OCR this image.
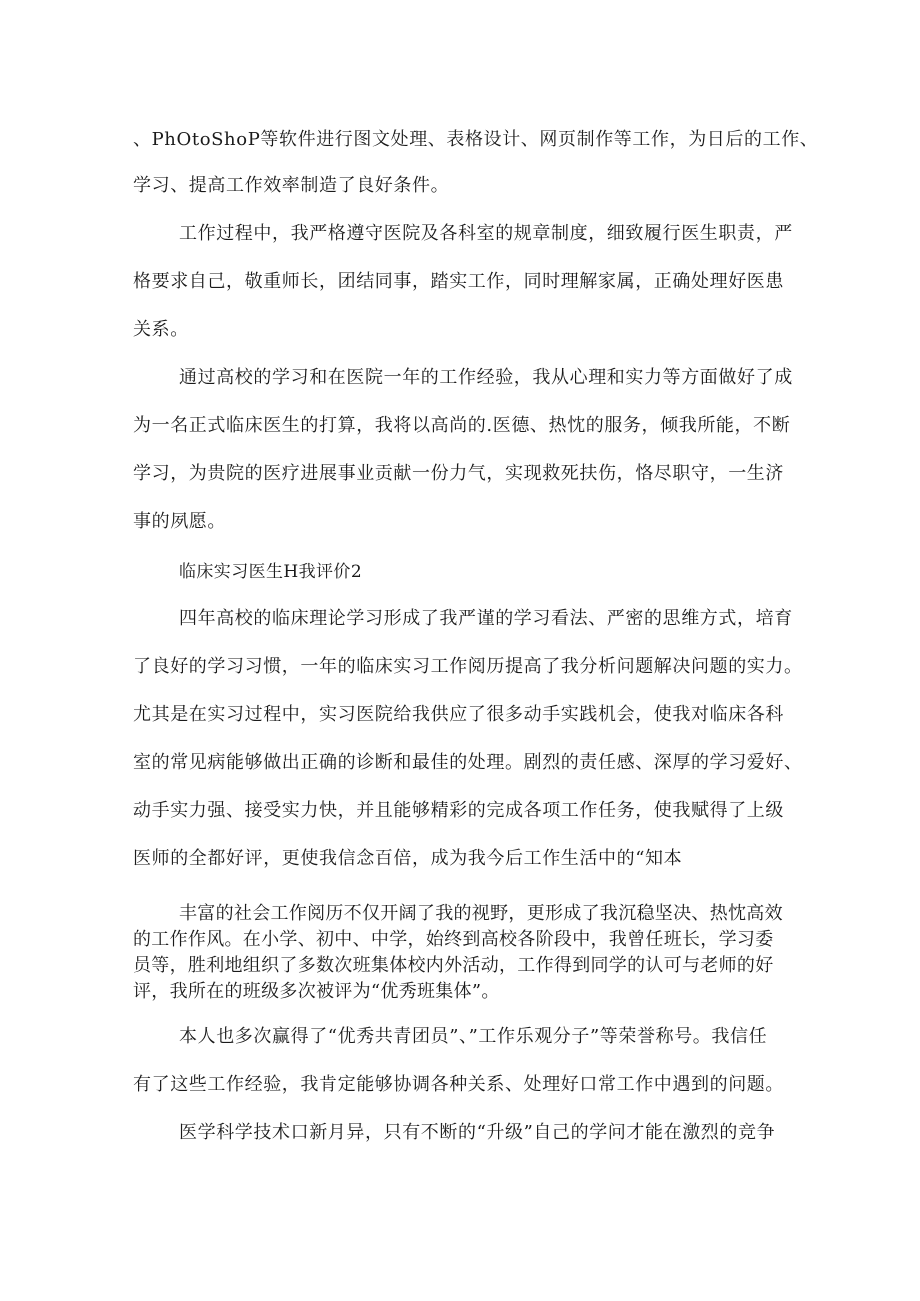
、PhOtoShoP等软件进行图文处理、表格设计、网页制作等工作，为日后的工作、
学习、提高工作效率制造了良好条件。
工作过程中，我严格遵守医院及各科室的规章制度，细致履行医生职责，严
格要求自己，敬重师长，团结同事，踏实工作，同时理解家属，正确处理好医患
关系。
通过高校的学习和在医院一年的工作经验，我从心理和实力等方面做好了成
为一名正式临床医生的打算，我将以高尚的.医德、热忱的服务，倾我所能，不断
学习，为贵院的医疗进展事业贡献一份力气，实现救死扶伤，恪尽职守，一生济
事的夙愿。
临床实习医生H我评价2
四年高校的临床理论学习形成了我严谨的学习看法、严密的思维方式，培育
了良好的学习习惯，一年的临床实习工作阅历提高了我分析问题解决问题的实力。
尤其是在实习过程中，实习医院给我供应了很多动手实践机会，使我对临床各科
室的常见病能够做出正确的诊断和最佳的处理。剧烈的责任感、深厚的学习爱好、
动手实力强、接受实力快，并且能够精彩的完成各项工作任务，使我赋得了上级
医师的全都好评，更使我信念百倍，成为我今后工作生活中的“知本
丰富的社会工作阅历不仅开阔了我的视野，更形成了我沉稳坚决、热忱高效
的工作作风。在小学、初中、中学，始终到高校各阶段中，我曾任班长，学习委
员等，胜利地组织了多数次班集体校内外活动，工作得到同学的认可与老师的好
评，我所在的班级多次被评为“优秀班集体”。
本人也多次赢得了“优秀共青团员”、”工作乐观分子”等荣誉称号。我信任
有了这些工作经验，我肯定能够协调各种关系、处理好口常工作中遇到的问题。
医学科学技术口新月异，只有不断的“升级”自己的学问才能在激烈的竞争
